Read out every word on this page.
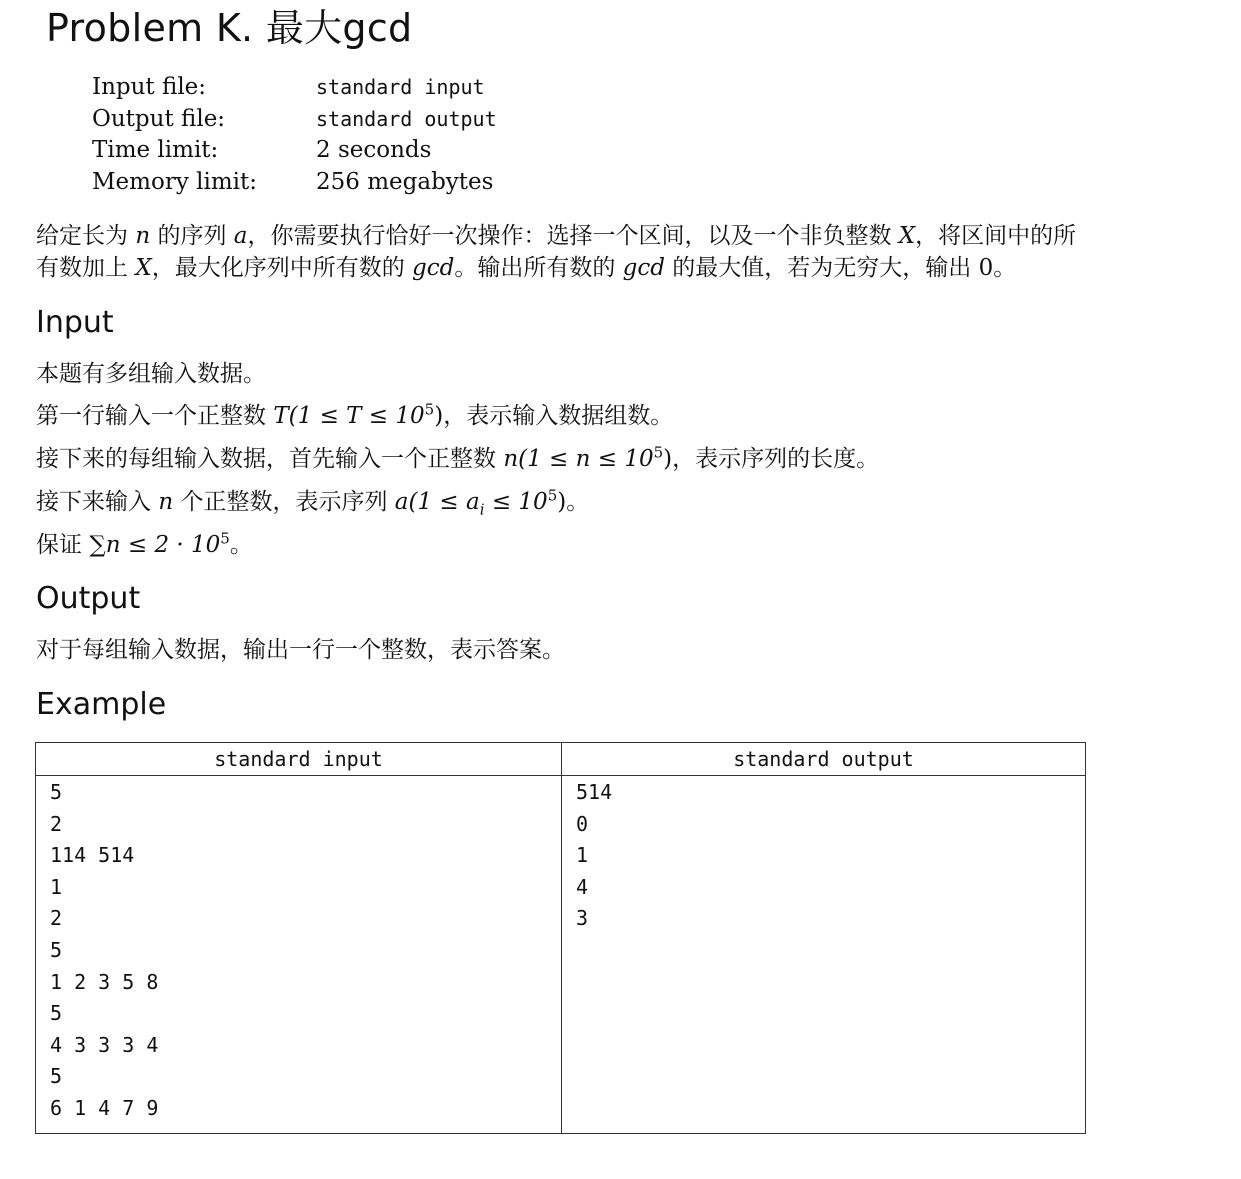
Problem K. 最大gcd
Input file:	standard input
Output file:	standard output
Time limit:	2 seconds
Memory limit:	256 megabytes
给定长为 n 的序列 a，你需要执行恰好一次操作：选择一个区间，以及一个非负整数 X，将区间中的所
有数加上 X，最大化序列中所有数的 gcd。输出所有数的 gcd 的最大值，若为无穷大，输出 0。
Input
本题有多组输入数据。
第一行输入一个正整数 $T(1 \le T \le 10^5)$，表示输入数据组数。
接下来的每组输入数据，首先输入一个正整数 $n(1 \le n \le 10^5)$，表示序列的长度。
接下来输入 n 个正整数，表示序列 $a(1 \le a_i \le 10^5)$。
保证 $\sum n \le 2 \cdot 10^5$。
Output
对于每组输入数据，输出一行一个整数，表示答案。
Example
standard input
5
2
114 514
1
2
5
1 2 3 5 8
5
4 3 3 3 4
5
6 1 4 7 9
standard output
514
0
1
4
3
